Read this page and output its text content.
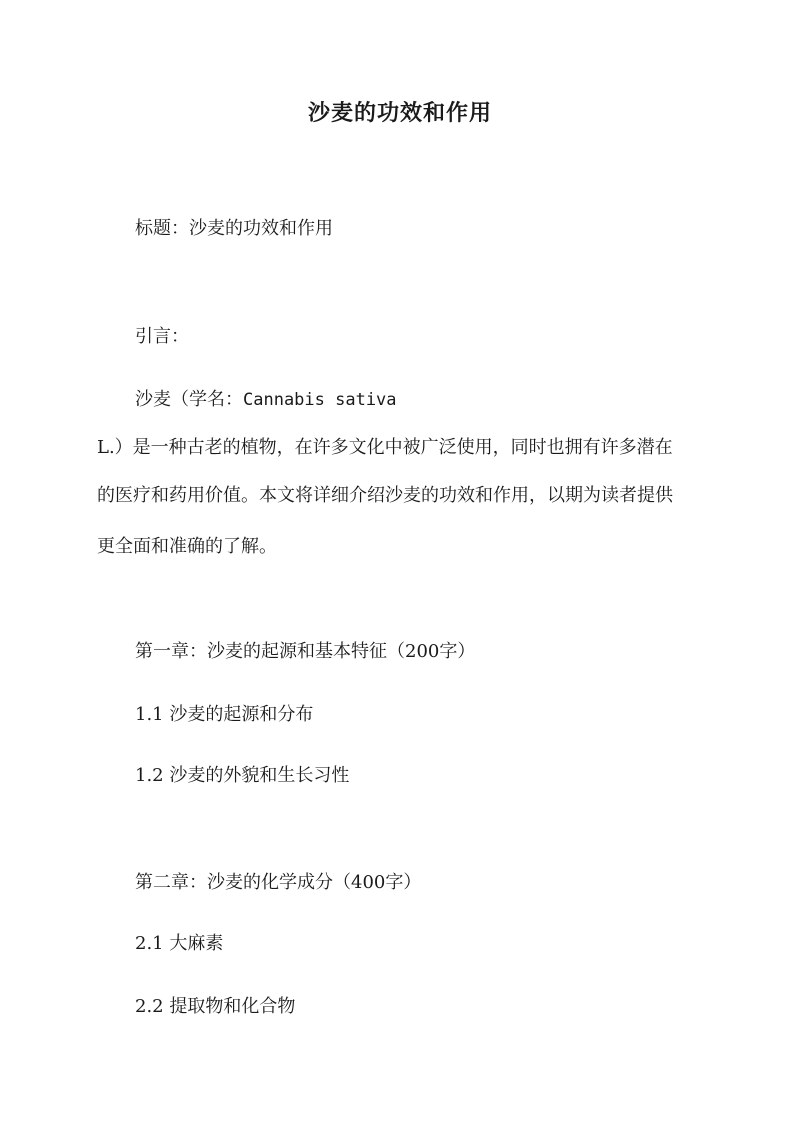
沙麦的功效和作用
标题：沙麦的功效和作用
引言：
沙麦（学名：Cannabis sativa
L.）是一种古老的植物，在许多文化中被广泛使用，同时也拥有许多潜在
的医疗和药用价值。本文将详细介绍沙麦的功效和作用，以期为读者提供
更全面和准确的了解。
第一章：沙麦的起源和基本特征（200字）
1.1 沙麦的起源和分布
1.2 沙麦的外貌和生长习性
第二章：沙麦的化学成分（400字）
2.1 大麻素
2.2 提取物和化合物
